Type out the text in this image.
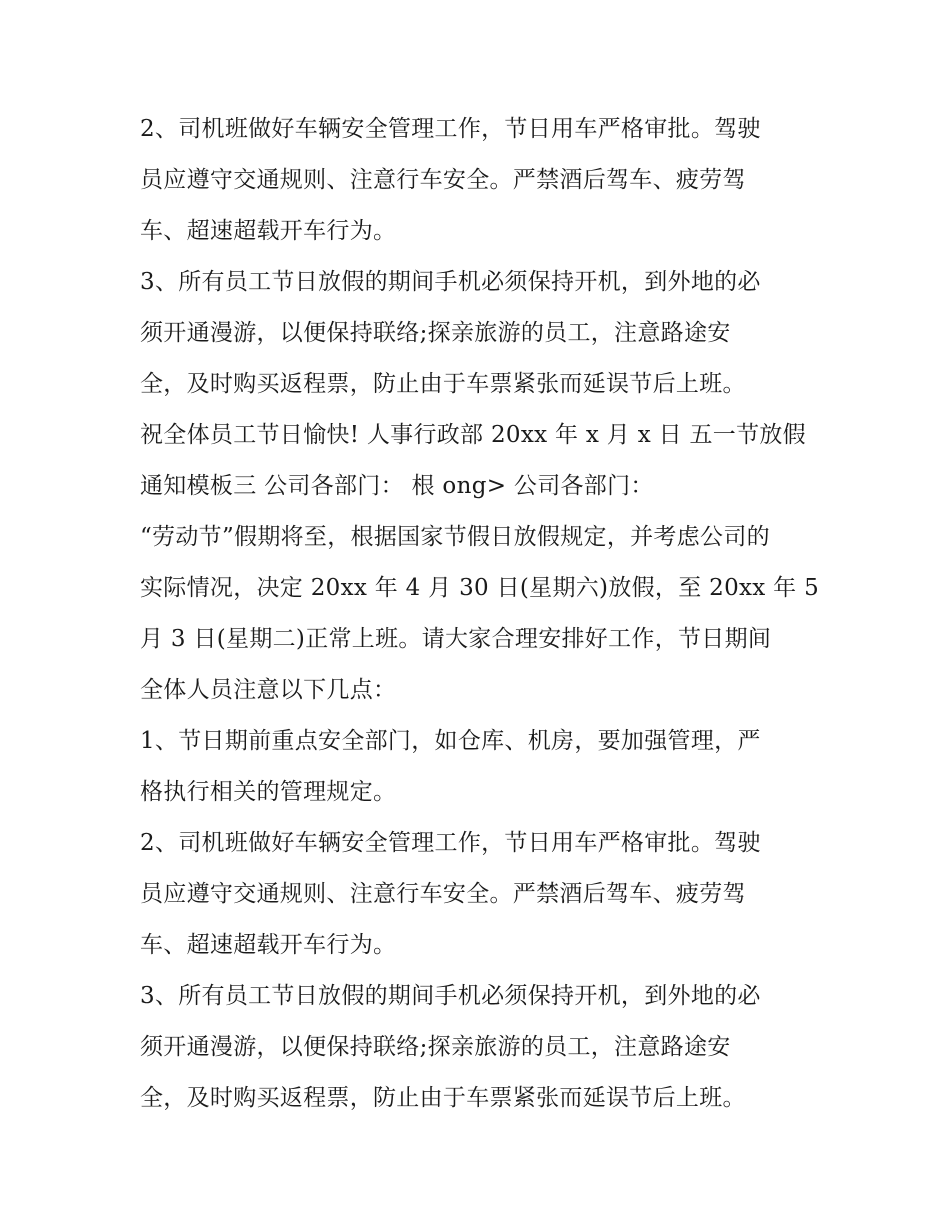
2、司机班做好车辆安全管理工作，节日用车严格审批。驾驶
员应遵守交通规则、注意行车安全。严禁酒后驾车、疲劳驾
车、超速超载开车行为。
3、所有员工节日放假的期间手机必须保持开机，到外地的必
须开通漫游，以便保持联络;探亲旅游的员工，注意路途安
全，及时购买返程票，防止由于车票紧张而延误节后上班。
祝全体员工节日愉快! 人事行政部 20xx 年 x 月 x 日 五一节放假
通知模板三 公司各部门： 根 ong> 公司各部门：
“劳动节”假期将至，根据国家节假日放假规定，并考虑公司的
实际情况，决定 20xx 年 4 月 30 日(星期六)放假，至 20xx 年 5
月 3 日(星期二)正常上班。请大家合理安排好工作，节日期间
全体人员注意以下几点：
1、节日期前重点安全部门，如仓库、机房，要加强管理，严
格执行相关的管理规定。
2、司机班做好车辆安全管理工作，节日用车严格审批。驾驶
员应遵守交通规则、注意行车安全。严禁酒后驾车、疲劳驾
车、超速超载开车行为。
3、所有员工节日放假的期间手机必须保持开机，到外地的必
须开通漫游，以便保持联络;探亲旅游的员工，注意路途安
全，及时购买返程票，防止由于车票紧张而延误节后上班。
